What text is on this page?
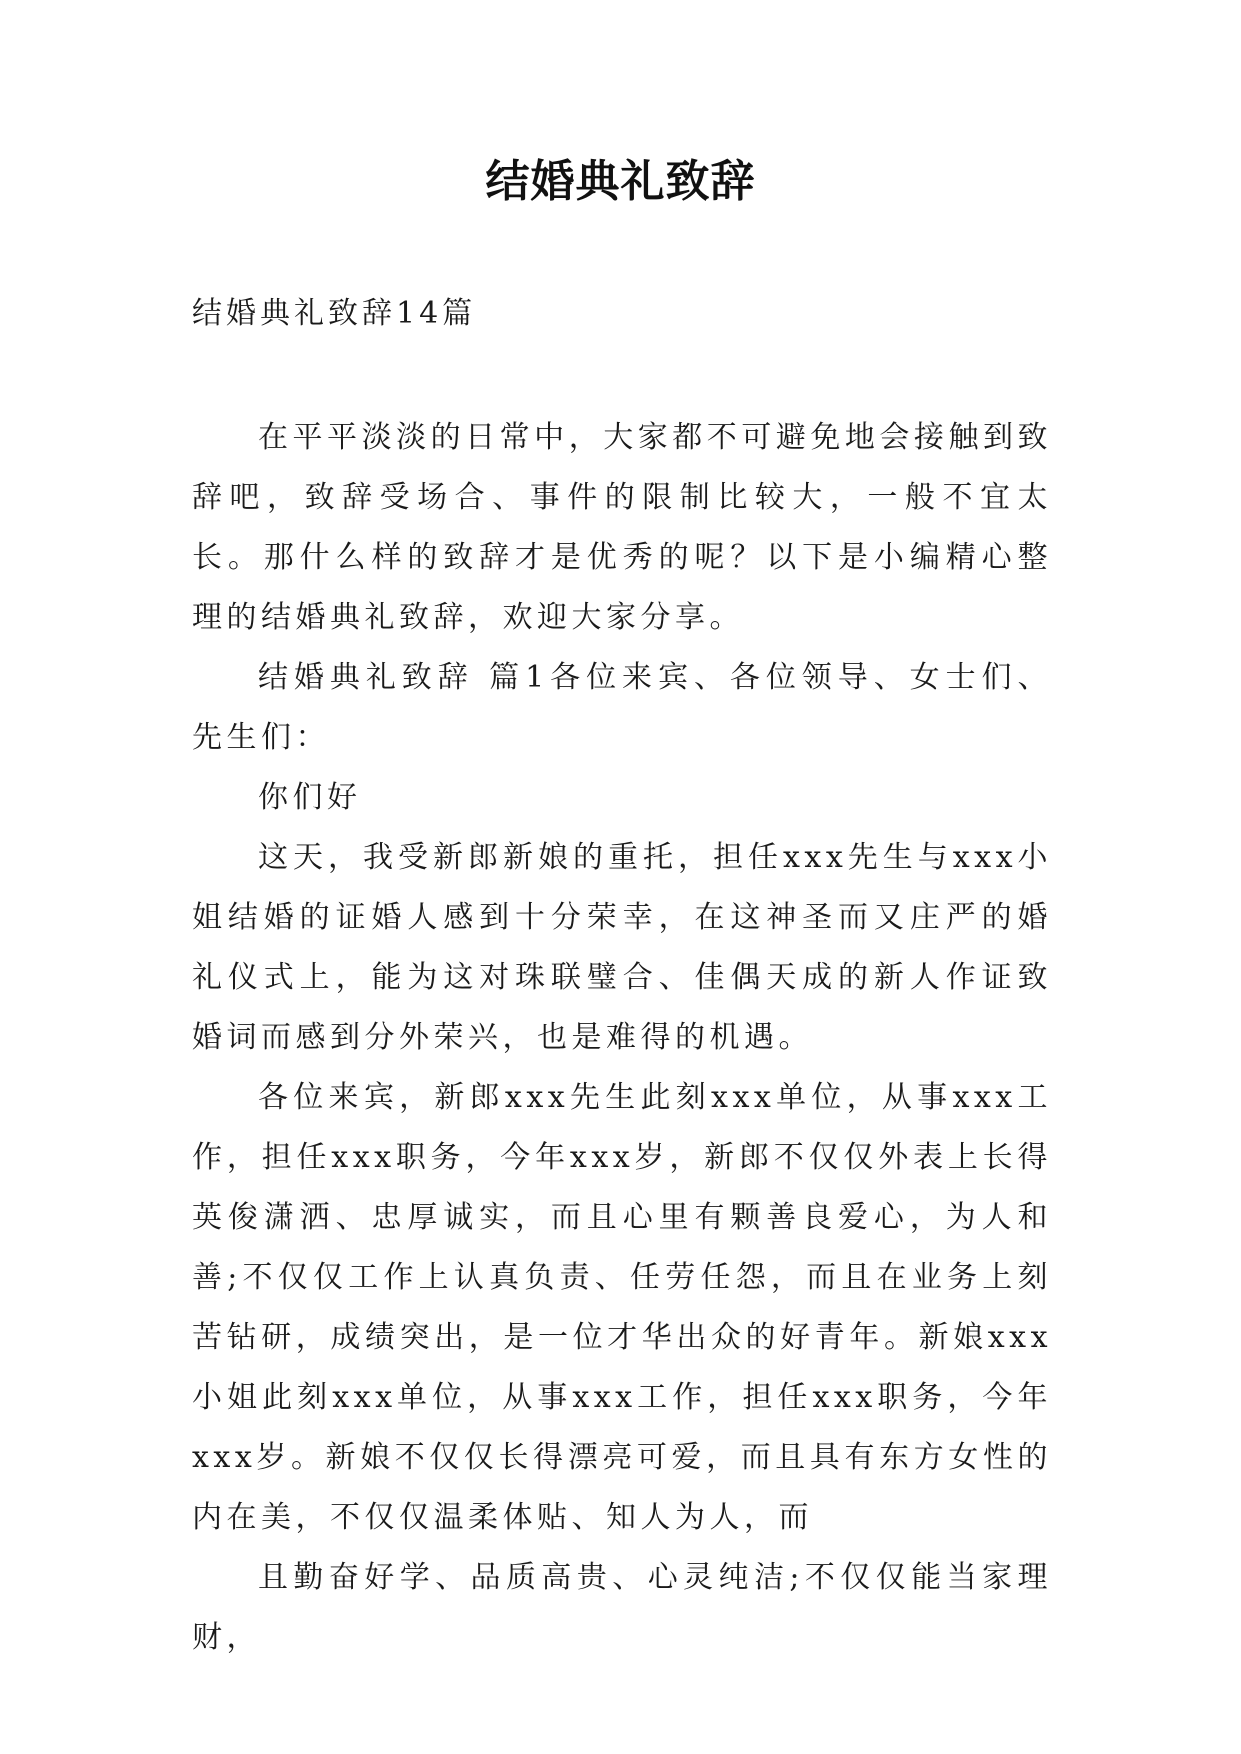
结婚典礼致辞
结婚典礼致辞14篇

在平平淡淡的日常中，大家都不可避免地会接触到致辞吧，致辞受场合、事件的限制比较大，一般不宜太长。那什么样的致辞才是优秀的呢？以下是小编精心整理的结婚典礼致辞，欢迎大家分享。

结婚典礼致辞 篇1各位来宾、各位领导、女士们、先生们：

你们好

这天，我受新郎新娘的重托，担任xxx先生与xxx小姐结婚的证婚人感到十分荣幸，在这神圣而又庄严的婚礼仪式上，能为这对珠联璧合、佳偶天成的新人作证致婚词而感到分外荣兴，也是难得的机遇。

各位来宾，新郎xxx先生此刻xxx单位，从事xxx工作，担任xxx职务，今年xxx岁，新郎不仅仅外表上长得英俊潇洒、忠厚诚实，而且心里有颗善良爱心，为人和善;不仅仅工作上认真负责、任劳任怨，而且在业务上刻苦钻研，成绩突出，是一位才华出众的好青年。新娘xxx小姐此刻xxx单位，从事xxx工作，担任xxx职务，今年xxx岁。新娘不仅仅长得漂亮可爱，而且具有东方女性的内在美，不仅仅温柔体贴、知人为人，而

且勤奋好学、品质高贵、心灵纯洁;不仅仅能当家理财，
